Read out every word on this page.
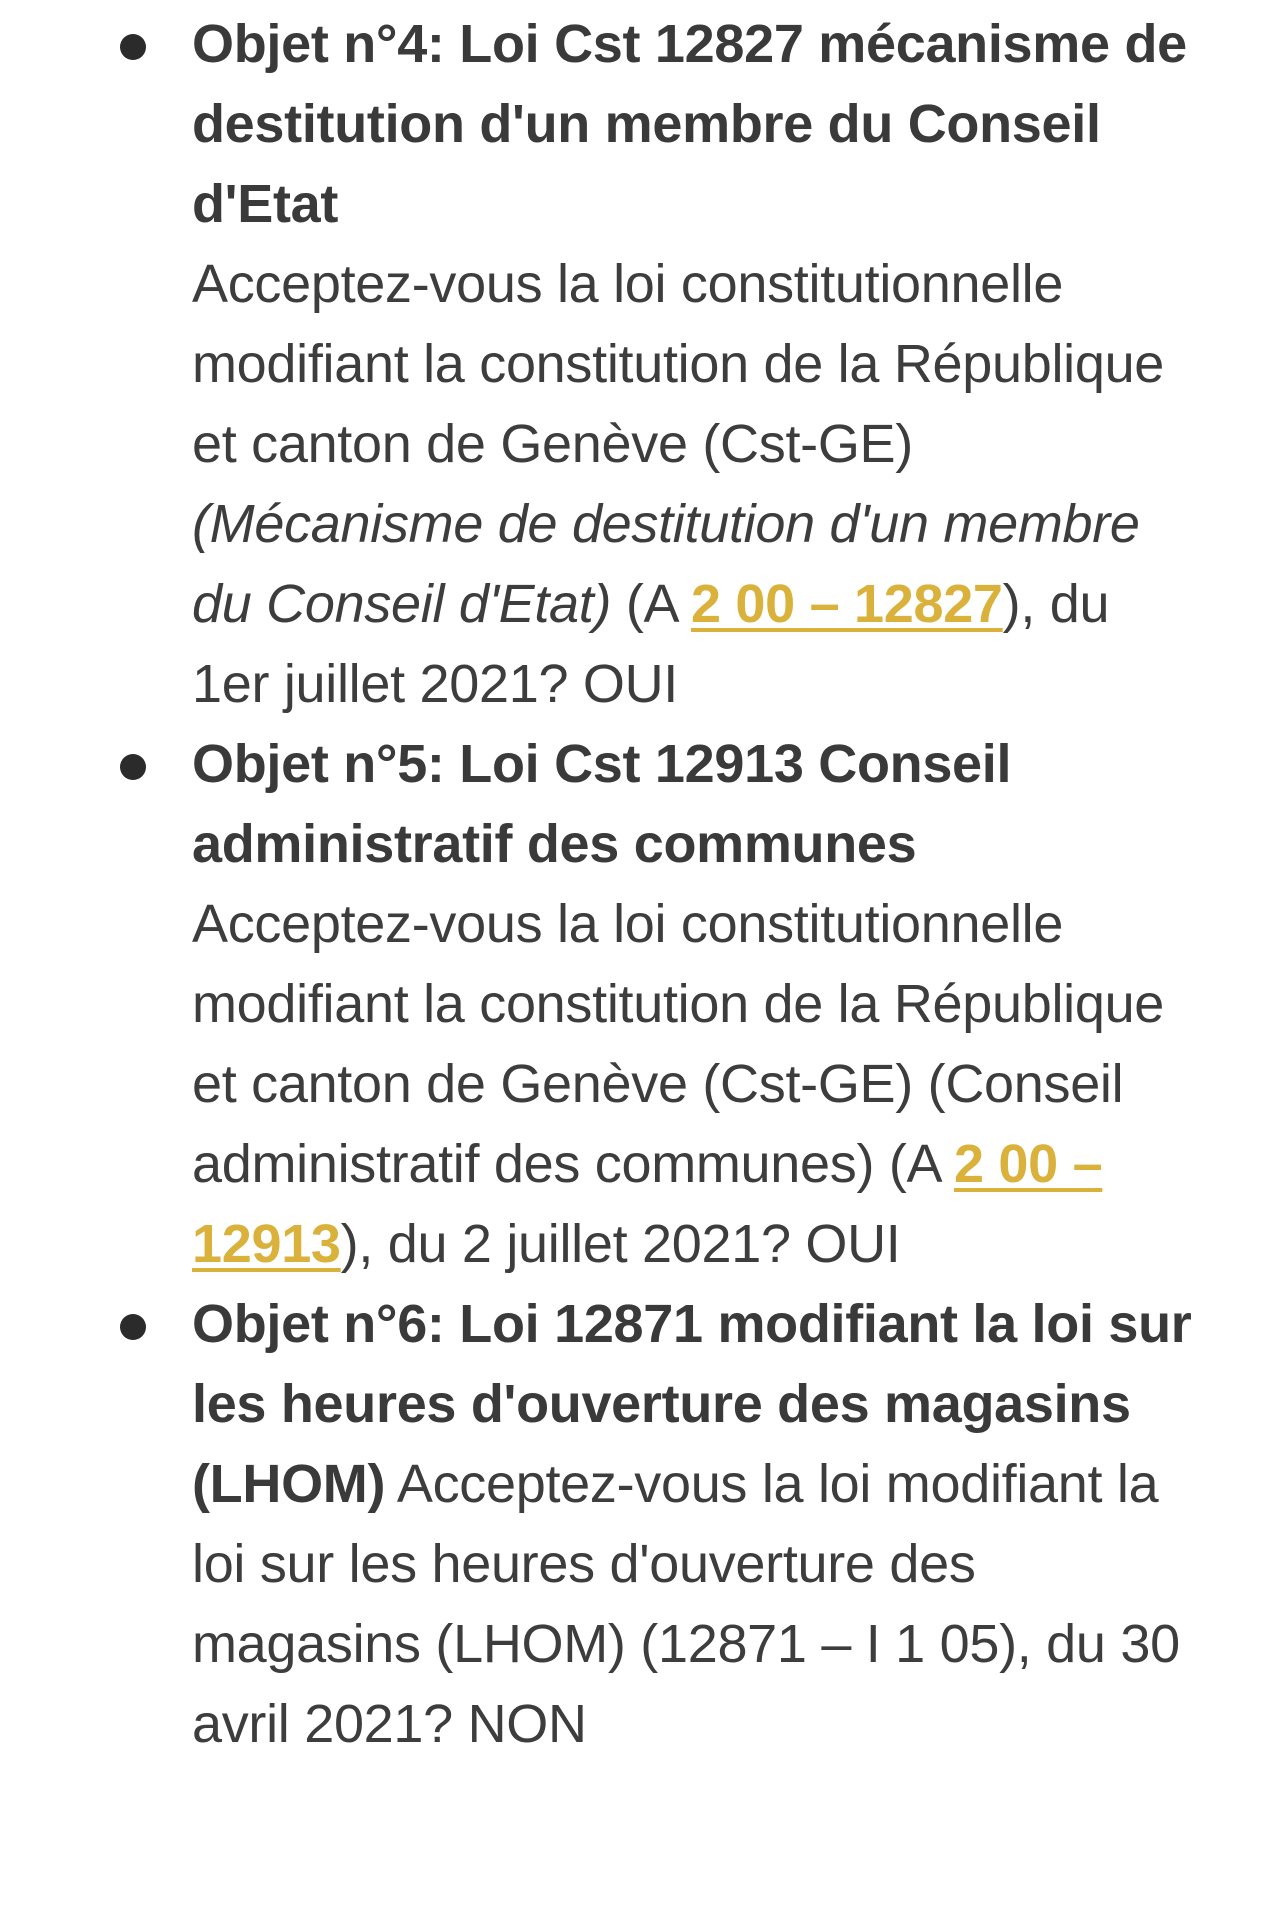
Objet n°4: Loi Cst 12827 mécanisme de destitution d'un membre du Conseil d'Etat
Acceptez-vous la loi constitutionnelle modifiant la constitution de la République et canton de Genève (Cst-GE) (Mécanisme de destitution d'un membre du Conseil d'Etat) (A 2 00 – 12827), du 1er juillet 2021? OUI
Objet n°5: Loi Cst 12913 Conseil administratif des communes
Acceptez-vous la loi constitutionnelle modifiant la constitution de la République et canton de Genève (Cst-GE) (Conseil administratif des communes) (A 2 00 – 12913), du 2 juillet 2021? OUI
Objet n°6: Loi 12871 modifiant la loi sur les heures d'ouverture des magasins (LHOM) Acceptez-vous la loi modifiant la loi sur les heures d'ouverture des magasins (LHOM) (12871 – I 1 05), du 30 avril 2021? NON
